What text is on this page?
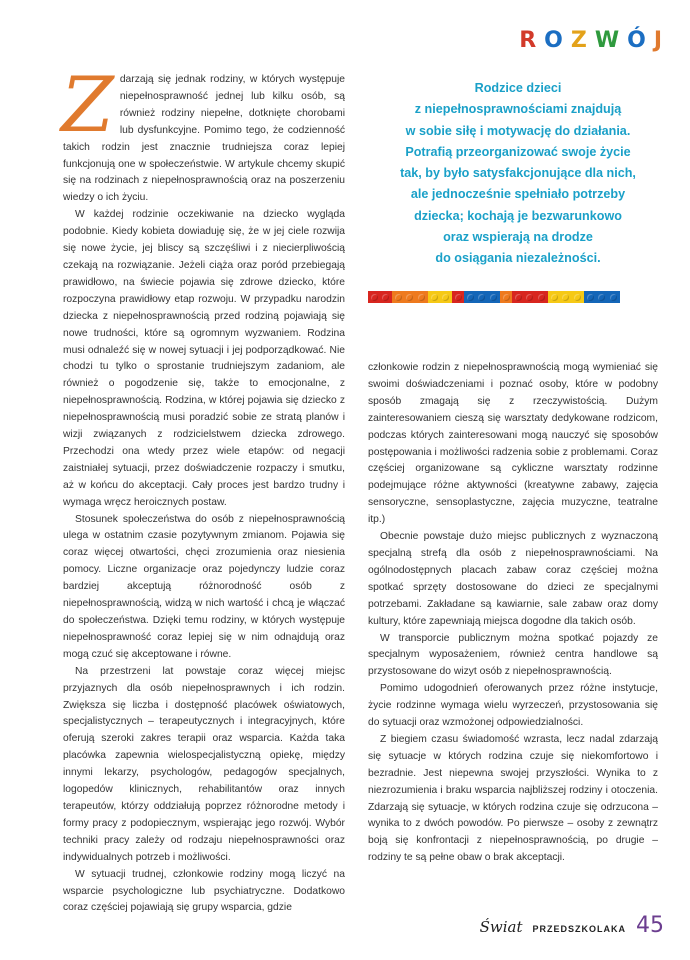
R O Z W Ó J

Zdarzają się jednak rodziny, w których występuje niepełnosprawność jednej lub kilku osób, są również rodziny niepełne, dotknięte chorobami lub dysfunkcyjne. Pomimo tego, że codzienność takich rodzin jest znacznie trudniejsza coraz lepiej funkcjonują one w społeczeństwie. W artykule chcemy skupić się na rodzinach z niepełnosprawnością oraz na poszerzeniu wiedzy o ich życiu.

W każdej rodzinie oczekiwanie na dziecko wygląda podobnie. Kiedy kobieta dowiaduję się, że w jej ciele rozwija się nowe życie, jej bliscy są szczęśliwi i z niecierpliwością czekają na rozwiązanie. Jeżeli ciąża oraz poród przebiegają prawidłowo, na świecie pojawia się zdrowe dziecko, które rozpoczyna prawidłowy etap rozwoju. W przypadku narodzin dziecka z niepełnosprawnością przed rodziną pojawiają się nowe trudności, które są ogromnym wyzwaniem. Rodzina musi odnaleźć się w nowej sytuacji i jej podporządkować. Nie chodzi tu tylko o sprostanie trudniejszym zadaniom, ale również o pogodzenie się, także to emocjonalne, z niepełnosprawnością. Rodzina, w której pojawia się dziecko z niepełnosprawnością musi poradzić sobie ze stratą planów i wizji związanych z rodzicielstwem dziecka zdrowego. Przechodzi ona wtedy przez wiele etapów: od negacji zaistniałej sytuacji, przez doświadczenie rozpaczy i smutku, aż w końcu do akceptacji. Cały proces jest bardzo trudny i wymaga wręcz heroicznych postaw.

Stosunek społeczeństwa do osób z niepełnosprawnością ulega w ostatnim czasie pozytywnym zmianom. Pojawia się coraz więcej otwartości, chęci zrozumienia oraz niesienia pomocy. Liczne organizacje oraz pojedynczy ludzie coraz bardziej akceptują różnorodność osób z niepełnosprawnością, widzą w nich wartość i chcą je włączać do społeczeństwa. Dzięki temu rodziny, w których występuje niepełnosprawność coraz lepiej się w nim odnajdują oraz mogą czuć się akceptowane i równe.

Na przestrzeni lat powstaje coraz więcej miejsc przyjaznych dla osób niepełnosprawnych i ich rodzin. Zwiększa się liczba i dostępność placówek oświatowych, specjalistycznych – terapeutycznych i integracyjnych, które oferują szeroki zakres terapii oraz wsparcia. Każda taka placówka zapewnia wielospecjalistyczną opiekę, między innymi lekarzy, psychologów, pedagogów specjalnych, logopedów klinicznych, rehabilitantów oraz innych terapeutów, którzy oddziałują poprzez różnorodne metody i formy pracy z podopiecznym, wspierając jego rozwój. Wybór techniki pracy zależy od rodzaju niepełnosprawności oraz indywidualnych potrzeb i możliwości.

W sytuacji trudnej, członkowie rodziny mogą liczyć na wsparcie psychologiczne lub psychiatryczne. Dodatkowo coraz częściej pojawiają się grupy wsparcia, gdzie

Rodzice dzieci
z niepełnosprawnościami znajdują
w sobie siłę i motywację do działania.
Potrafią przeorganizować swoje życie
tak, by było satysfakcjonujące dla nich,
ale jednocześnie spełniało potrzeby
dziecka; kochają je bezwarunkowo
oraz wspierają na drodze
do osiągania niezależności.

członkowie rodzin z niepełnosprawnością mogą wymieniać się swoimi doświadczeniami i poznać osoby, które w podobny sposób zmagają się z rzeczywistością. Dużym zainteresowaniem cieszą się warsztaty dedykowane rodzicom, podczas których zainteresowani mogą nauczyć się sposobów postępowania i możliwości radzenia sobie z problemami. Coraz częściej organizowane są cykliczne warsztaty rodzinne podejmujące różne aktywności (kreatywne zabawy, zajęcia sensoryczne, sensoplastyczne, zajęcia muzyczne, teatralne itp.)

Obecnie powstaje dużo miejsc publicznych z wyznaczoną specjalną strefą dla osób z niepełnosprawnościami. Na ogólnodostępnych placach zabaw coraz częściej można spotkać sprzęty dostosowane do dzieci ze specjalnymi potrzebami. Zakładane są kawiarnie, sale zabaw oraz domy kultury, które zapewniają miejsca dogodne dla takich osób.

W transporcie publicznym można spotkać pojazdy ze specjalnym wyposażeniem, również centra handlowe są przystosowane do wizyt osób z niepełnosprawnością.

Pomimo udogodnień oferowanych przez różne instytucje, życie rodzinne wymaga wielu wyrzeczeń, przystosowania się do sytuacji oraz wzmożonej odpowiedzialności.

Z biegiem czasu świadomość wzrasta, lecz nadal zdarzają się sytuacje w których rodzina czuje się niekomfortowo i bezradnie. Jest niepewna swojej przyszłości. Wynika to z niezrozumienia i braku wsparcia najbliższej rodziny i otoczenia. Zdarzają się sytuacje, w których rodzina czuje się odrzucona – wynika to z dwóch powodów. Po pierwsze – osoby z zewnątrz boją się konfrontacji z niepełnosprawnością, po drugie – rodziny te są pełne obaw o brak akceptacji.

Świat PRZEDSZKOLAKA 45
